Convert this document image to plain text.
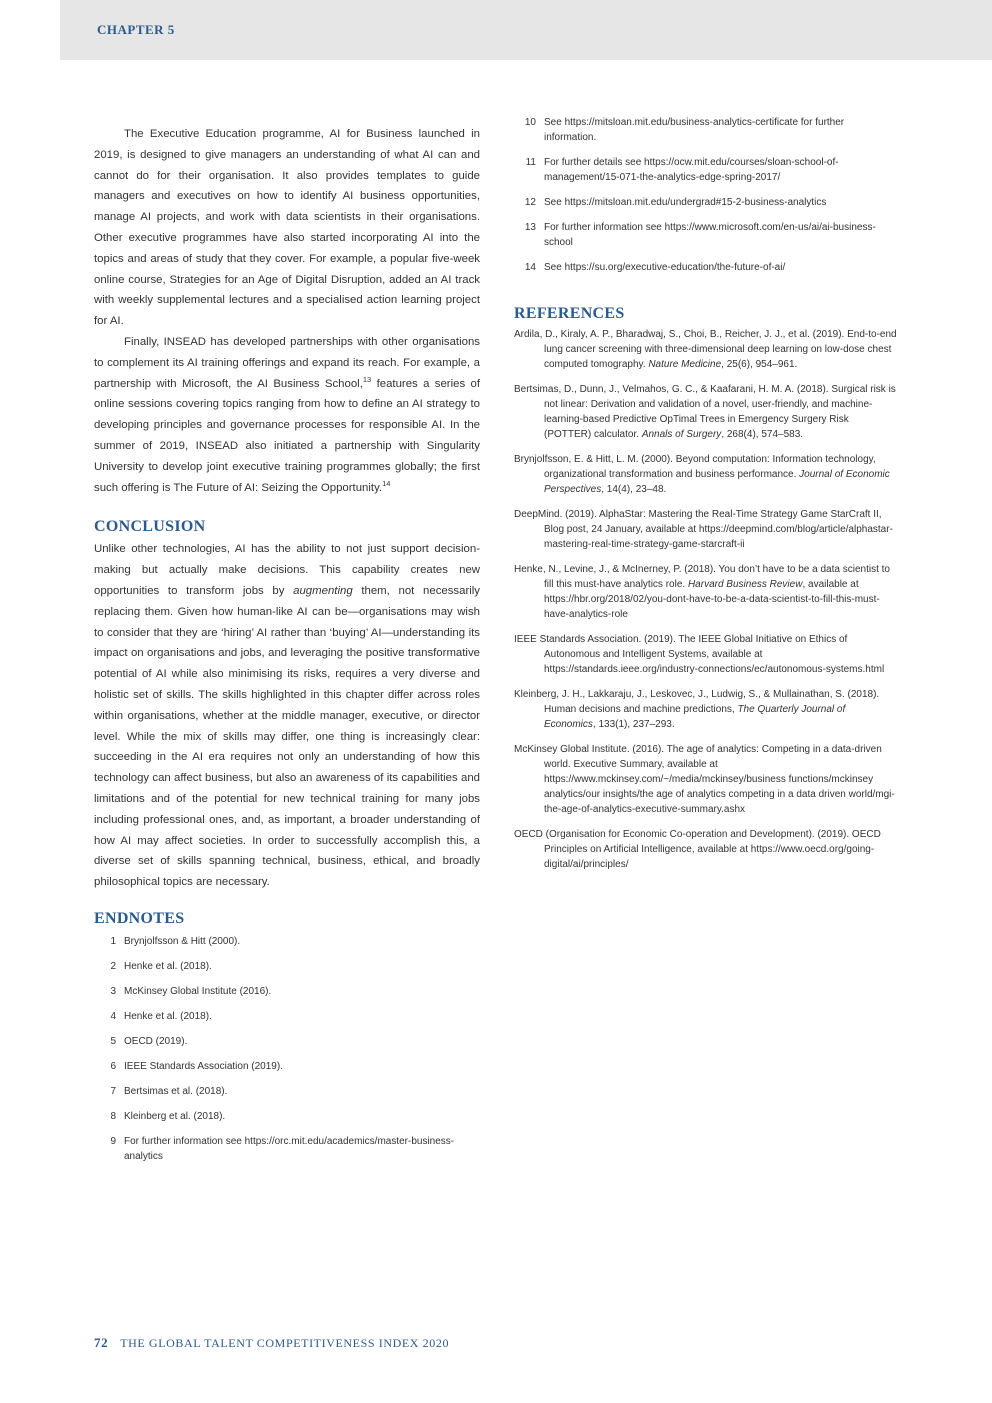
CHAPTER 5

The Executive Education programme, AI for Business launched in 2019, is designed to give managers an understanding of what AI can and cannot do for their organisation. It also provides templates to guide managers and executives on how to identify AI business opportunities, manage AI projects, and work with data scientists in their organisations. Other executive programmes have also started incorporating AI into the topics and areas of study that they cover. For example, a popular five-week online course, Strategies for an Age of Digital Disruption, added an AI track with weekly supplemental lectures and a specialised action learning project for AI.

Finally, INSEAD has developed partnerships with other organisations to complement its AI training offerings and expand its reach. For example, a partnership with Microsoft, the AI Business School,$^{13}$ features a series of online sessions covering topics ranging from how to define an AI strategy to developing principles and governance processes for responsible AI. In the summer of 2019, INSEAD also initiated a partnership with Singularity University to develop joint executive training programmes globally; the first such offering is The Future of AI: Seizing the Opportunity.$^{14}$

CONCLUSION

Unlike other technologies, AI has the ability to not just support decision-making but actually make decisions. This capability creates new opportunities to transform jobs by augmenting them, not necessarily replacing them. Given how human-like AI can be—organisations may wish to consider that they are ‘hiring’ AI rather than ‘buying’ AI—understanding its impact on organisations and jobs, and leveraging the positive transformative potential of AI while also minimising its risks, requires a very diverse and holistic set of skills. The skills highlighted in this chapter differ across roles within organisations, whether at the middle manager, executive, or director level. While the mix of skills may differ, one thing is increasingly clear: succeeding in the AI era requires not only an understanding of how this technology can affect business, but also an awareness of its capabilities and limitations and of the potential for new technical training for many jobs including professional ones, and, as important, a broader understanding of how AI may affect societies. In order to successfully accomplish this, a diverse set of skills spanning technical, business, ethical, and broadly philosophical topics are necessary.

ENDNOTES
1 Brynjolfsson & Hitt (2000).
2 Henke et al. (2018).
3 McKinsey Global Institute (2016).
4 Henke et al. (2018).
5 OECD (2019).
6 IEEE Standards Association (2019).
7 Bertsimas et al. (2018).
8 Kleinberg et al. (2018).
9 For further information see https://orc.mit.edu/academics/master-business-analytics
10 See https://mitsloan.mit.edu/business-analytics-certificate for further information.
11 For further details see https://ocw.mit.edu/courses/sloan-school-of-management/15-071-the-analytics-edge-spring-2017/
12 See https://mitsloan.mit.edu/undergrad#15-2-business-analytics
13 For further information see https://www.microsoft.com/en-us/ai/ai-business-school
14 See https://su.org/executive-education/the-future-of-ai/
REFERENCES
Ardila, D., Kiraly, A. P., Bharadwaj, S., Choi, B., Reicher, J. J., et al. (2019). End-to-end lung cancer screening with three-dimensional deep learning on low-dose chest computed tomography. Nature Medicine, 25(6), 954–961.
Bertsimas, D., Dunn, J., Velmahos, G. C., & Kaafarani, H. M. A. (2018). Surgical risk is not linear: Derivation and validation of a novel, user-friendly, and machine-learning-based Predictive OpTimal Trees in Emergency Surgery Risk (POTTER) calculator. Annals of Surgery, 268(4), 574–583.
Brynjolfsson, E. & Hitt, L. M. (2000). Beyond computation: Information technology, organizational transformation and business performance. Journal of Economic Perspectives, 14(4), 23–48.
DeepMind. (2019). AlphaStar: Mastering the Real-Time Strategy Game StarCraft II, Blog post, 24 January, available at https://deepmind.com/blog/article/alphastar-mastering-real-time-strategy-game-starcraft-ii
Henke, N., Levine, J., & McInerney, P. (2018). You don’t have to be a data scientist to fill this must-have analytics role. Harvard Business Review, available at https://hbr.org/2018/02/you-dont-have-to-be-a-data-scientist-to-fill-this-must-have-analytics-role
IEEE Standards Association. (2019). The IEEE Global Initiative on Ethics of Autonomous and Intelligent Systems, available at https://standards.ieee.org/industry-connections/ec/autonomous-systems.html
Kleinberg, J. H., Lakkaraju, J., Leskovec, J., Ludwig, S., & Mullainathan, S. (2018). Human decisions and machine predictions, The Quarterly Journal of Economics, 133(1), 237–293.
McKinsey Global Institute. (2016). The age of analytics: Competing in a data-driven world. Executive Summary, available at https://www.mckinsey.com/~/media/mckinsey/business functions/mckinsey analytics/our insights/the age of analytics competing in a data driven world/mgi-the-age-of-analytics-executive-summary.ashx
OECD (Organisation for Economic Co-operation and Development). (2019). OECD Principles on Artificial Intelligence, available at https://www.oecd.org/going-digital/ai/principles/
72 THE GLOBAL TALENT COMPETITIVENESS INDEX 2020
